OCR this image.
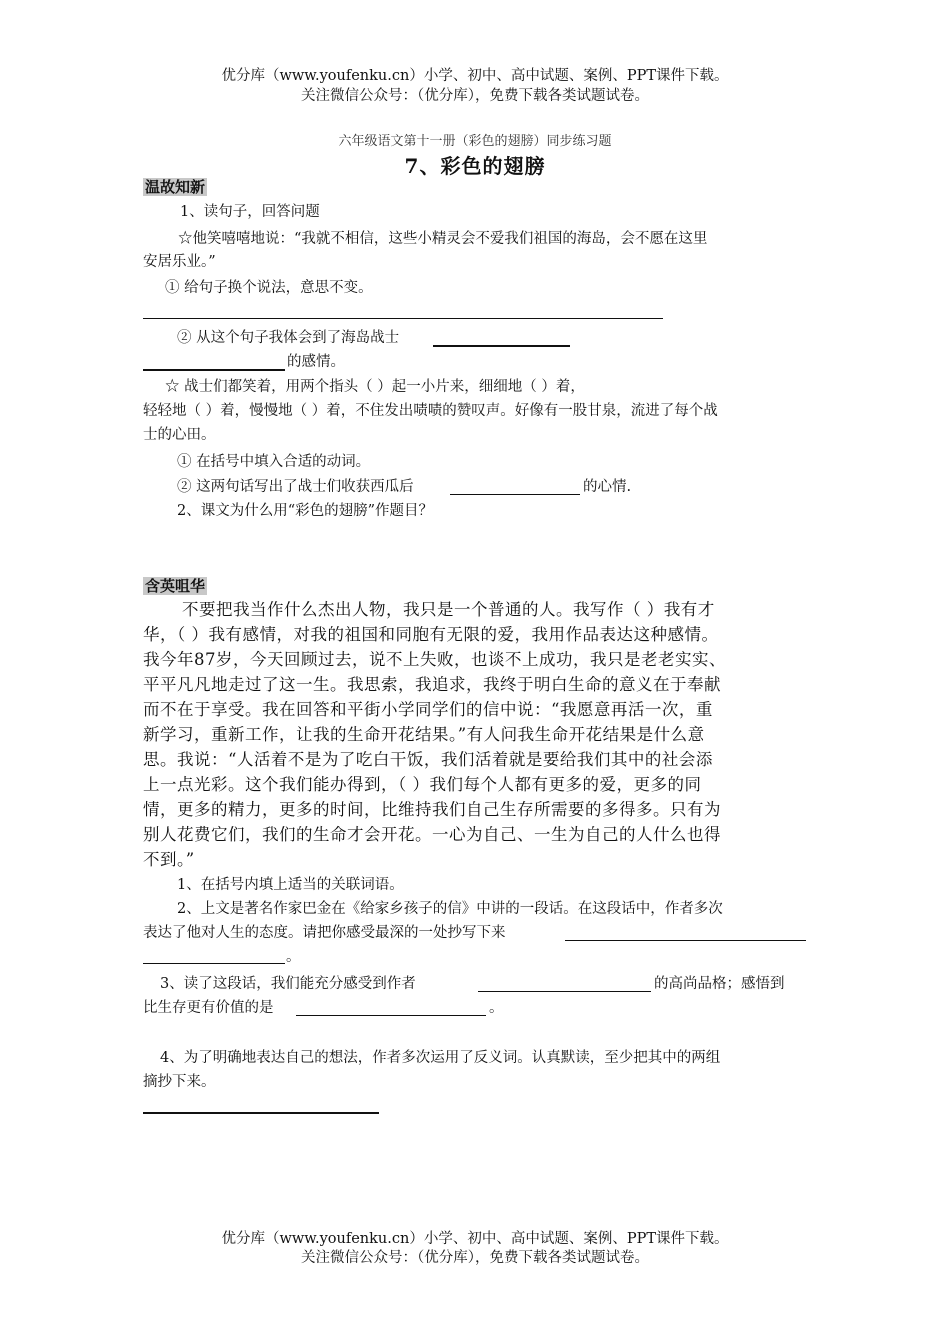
优分库（www.youfenku.cn）小学、初中、高中试题、案例、PPT课件下载。
关注微信公众号：（优分库），免费下载各类试题试卷。
六年级语文第十一册（彩色的翅膀）同步练习题
7、彩色的翅膀
温故知新
1、读句子，回答问题
☆他笑嘻嘻地说：“我就不相信，这些小精灵会不爱我们祖国的海岛，会不愿在这里
安居乐业。”
① 给句子换个说法，意思不变。
② 从这个句子我体会到了海岛战士
的感情。
☆ 战士们都笑着，用两个指头（ ）起一小片来，细细地（ ）着，
轻轻地（ ）着，慢慢地（ ）着，不住发出啧啧的赞叹声。好像有一股甘泉，流进了每个战
士的心田。
① 在括号中填入合适的动词。
② 这两句话写出了战士们收获西瓜后	的心情.
2、课文为什么用“彩色的翅膀”作题目？
含英咀华
不要把我当作什么杰出人物，我只是一个普通的人。我写作（ ）我有才
华，（ ）我有感情，对我的祖国和同胞有无限的爱，我用作品表达这种感情。
我今年87岁，今天回顾过去，说不上失败，也谈不上成功，我只是老老实实、
平平凡凡地走过了这一生。我思索，我追求，我终于明白生命的意义在于奉献
而不在于享受。我在回答和平街小学同学们的信中说：“我愿意再活一次，重
新学习，重新工作，让我的生命开花结果。”有人问我生命开花结果是什么意
思。我说：“人活着不是为了吃白干饭，我们活着就是要给我们其中的社会添
上一点光彩。这个我们能办得到，（ ）我们每个人都有更多的爱，更多的同
情，更多的精力，更多的时间，比维持我们自己生存所需要的多得多。只有为
别人花费它们，我们的生命才会开花。一心为自己、一生为自己的人什么也得
不到。”
1、在括号内填上适当的关联词语。
2、上文是著名作家巴金在《给家乡孩子的信》中讲的一段话。在这段话中，作者多次
表达了他对人生的态度。请把你感受最深的一处抄写下来
。
3、读了这段话，我们能充分感受到作者	的高尚品格；感悟到
比生存更有价值的是	。
4、为了明确地表达自己的想法，作者多次运用了反义词。认真默读，至少把其中的两组
摘抄下来。
优分库（www.youfenku.cn）小学、初中、高中试题、案例、PPT课件下载。
关注微信公众号：（优分库），免费下载各类试题试卷。
